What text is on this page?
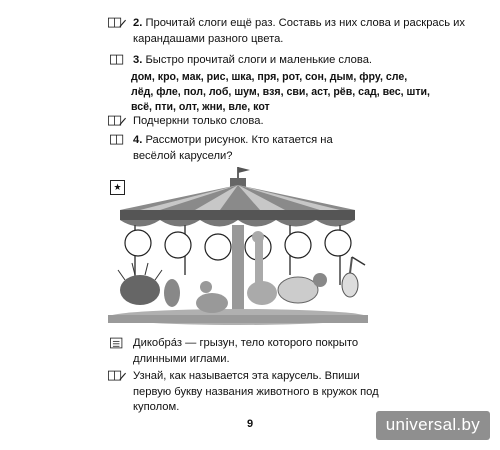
2. Прочитай слоги ещё раз. Составь из них слова и раскрась их карандашами разного цвета.
3. Быстро прочитай слоги и маленькие слова.
дом, кро, мак, рис, шка, пря, рот, сон, дым, фру, сле, лёд, фле, пол, лоб, шум, взя, сви, аст, рёв, сад, вес, шти, всё, пти, олт, жни, вле, кот
Подчеркни только слова.
4. Рассмотри рисунок. Кто катается на весёлой карусели?
★
Дикобра́з — грызун, тело которого покрыто длинными иглами.
Узнай, как называется эта карусель. Впиши первую букву названия животного в кружок под куполом.
9	universal.by
